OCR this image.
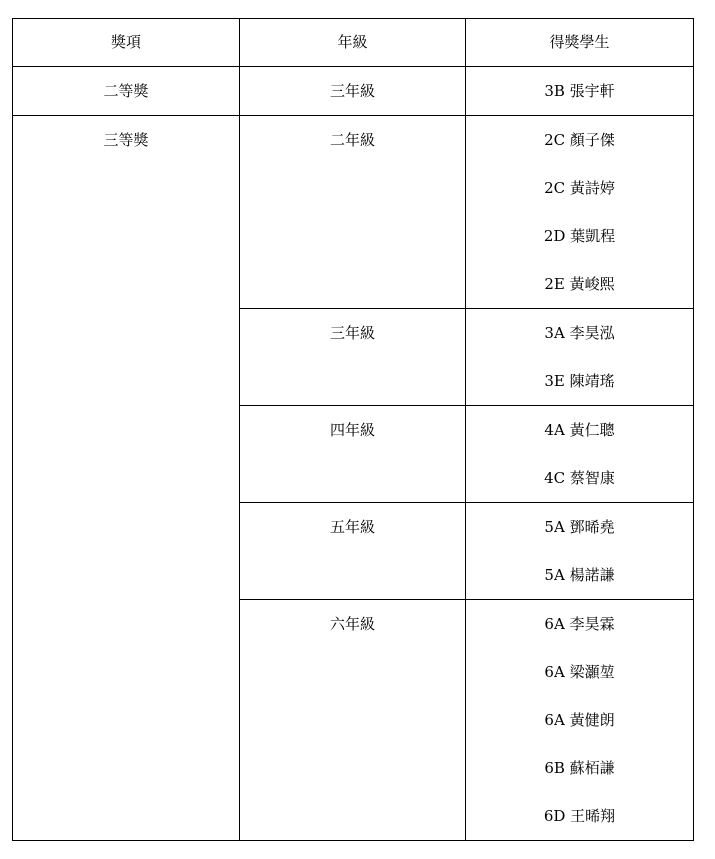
獎項	年級	得獎學生

二等獎	三年級	3B 張宇軒

三等獎	二年級	2C 顏子傑
2C 黃詩婷
2D 葉凱程
2E 黃峻熙

	三年級	3A 李昊泓
3E 陳靖瑤

	四年級	4A 黃仁聰
4C 蔡智康

	五年級	5A 鄧晞堯
5A 楊諾謙

	六年級	6A 李昊霖
6A 梁灝堃
6A 黃健朗
6B 蘇栢謙
6D 王晞翔
